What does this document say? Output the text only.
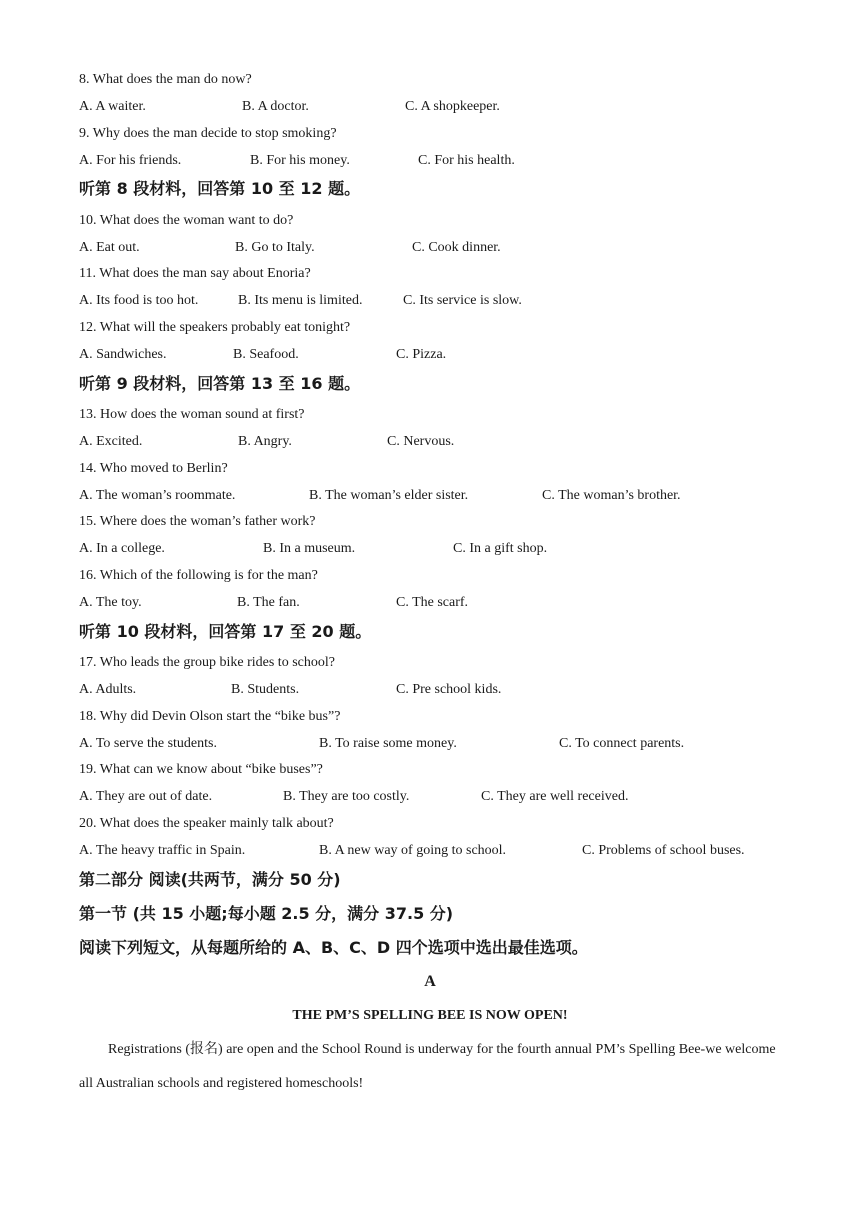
8. What does the man do now?
A. A waiter.	B. A doctor.	C. A shopkeeper.
9. Why does the man decide to stop smoking?
A. For his friends.	B. For his money.	C. For his health.
听第 8 段材料，回答第 10 至 12 题。
10. What does the woman want to do?
A. Eat out.	B. Go to Italy.	C. Cook dinner.
11. What does the man say about Enoria?
A. Its food is too hot.	B. Its menu is limited.	C. Its service is slow.
12. What will the speakers probably eat tonight?
A. Sandwiches.	B. Seafood.	C. Pizza.
听第 9 段材料，回答第 13 至 16 题。
13. How does the woman sound at first?
A. Excited.	B. Angry.	C. Nervous.
14. Who moved to Berlin?
A. The woman’s roommate.	B. The woman’s elder sister.	C. The woman’s brother.
15. Where does the woman’s father work?
A. In a college.	B. In a museum.	C. In a gift shop.
16. Which of the following is for the man?
A. The toy.	B. The fan.	C. The scarf.
听第 10 段材料，回答第 17 至 20 题。
17. Who leads the group bike rides to school?
A. Adults.	B. Students.	C. Pre school kids.
18. Why did Devin Olson start the “bike bus”?
A. To serve the students.	B. To raise some money.	C. To connect parents.
19. What can we know about “bike buses”?
A. They are out of date.	B. They are too costly.	C. They are well received.
20. What does the speaker mainly talk about?
A. The heavy traffic in Spain.	B. A new way of going to school.	C. Problems of school buses.
第二部分 阅读(共两节，满分 50 分)
第一节 (共 15 小题;每小题 2.5 分，满分 37.5 分)
阅读下列短文，从每题所给的 A、B、C、D 四个选项中选出最佳选项。
A
THE PM’S SPELLING BEE IS NOW OPEN!
Registrations (报名) are open and the School Round is underway for the fourth annual PM’s Spelling Bee-we welcome all Australian schools and registered homeschools!
